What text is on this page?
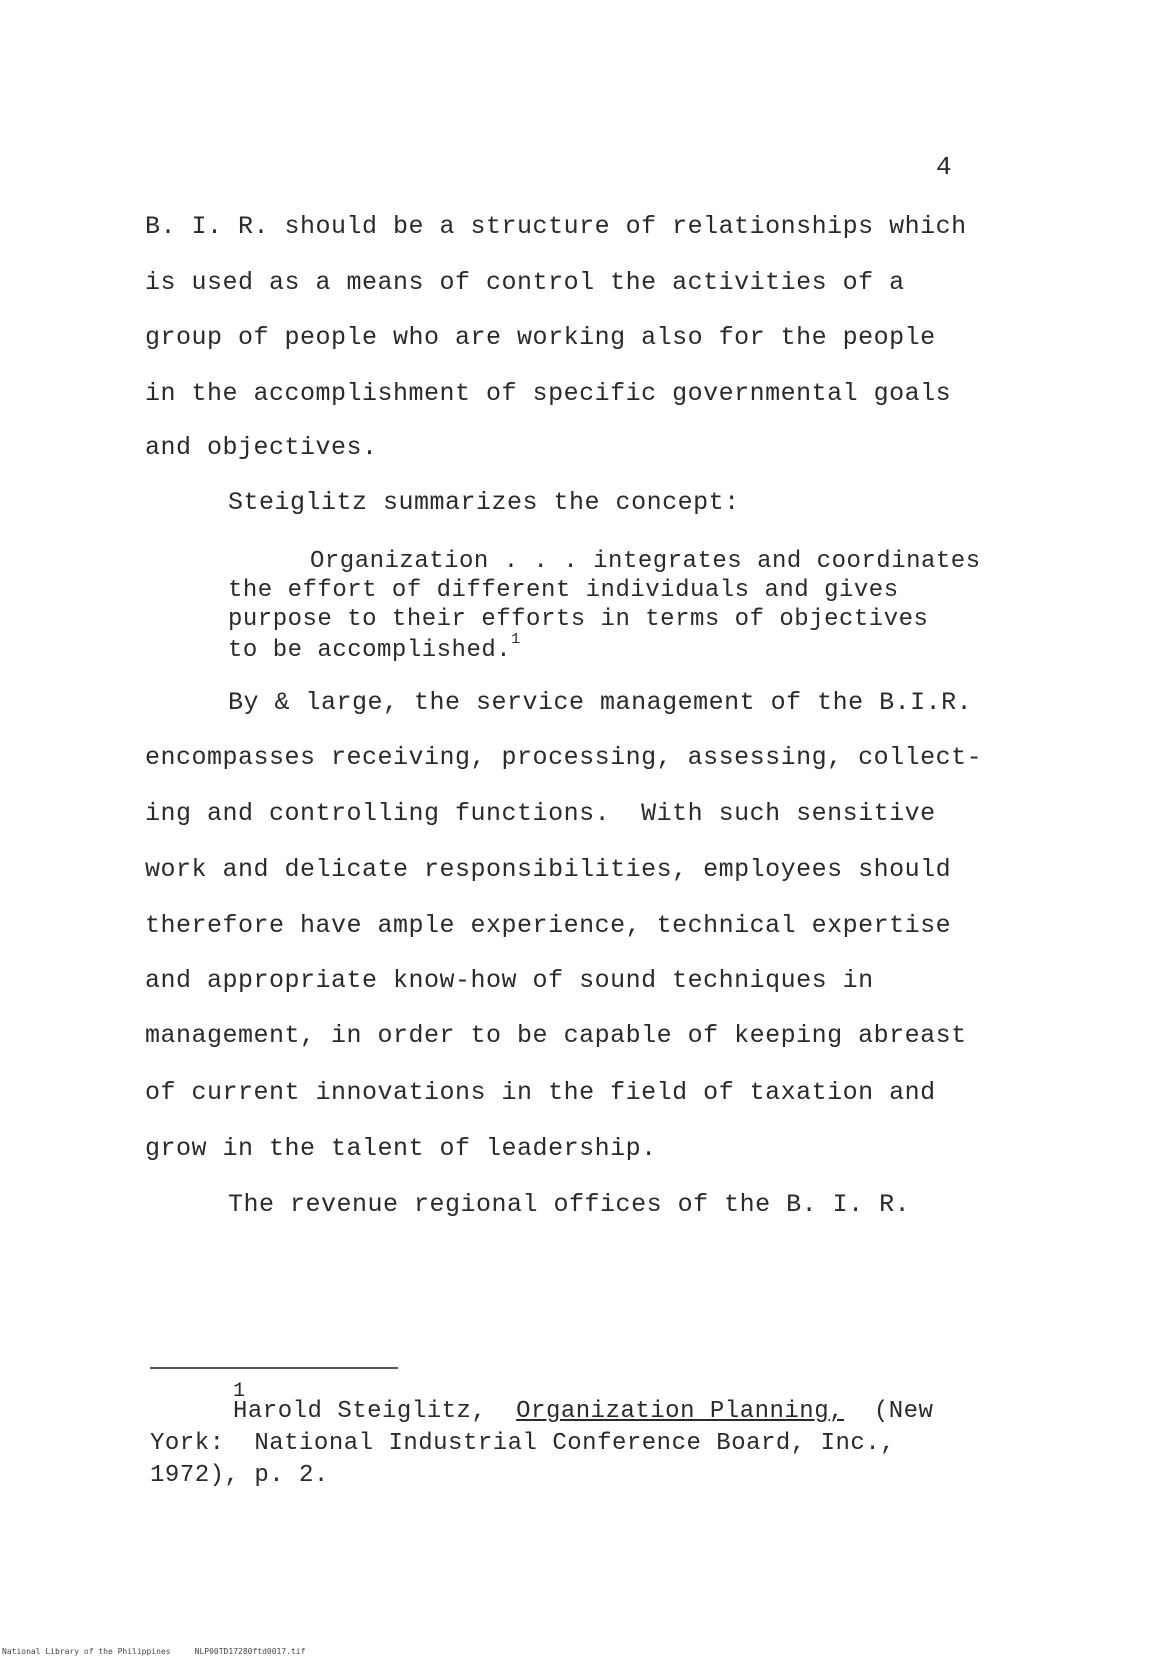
4
B. I. R. should be a structure of relationships which
is used as a means of control the activities of a
group of people who are working also for the people
in the accomplishment of specific governmental goals
and objectives.
Steiglitz summarizes the concept:
Organization . . . integrates and coordinates
the effort of different individuals and gives
purpose to their efforts in terms of objectives
to be accomplished.$^1$
By & large, the service management of the B.I.R.
encompasses receiving, processing, assessing, collect-
ing and controlling functions.  With such sensitive
work and delicate responsibilities, employees should
therefore have ample experience, technical expertise
and appropriate know-how of sound techniques in
management, in order to be capable of keeping abreast
of current innovations in the field of taxation and
grow in the talent of leadership.
The revenue regional offices of the B. I. R.
1
Harold Steiglitz, Organization Planning, (New
York:  National Industrial Conference Board, Inc.,
1972), p. 2.
National Library of the Philippines     NLP00TD17280ftd0017.tif
